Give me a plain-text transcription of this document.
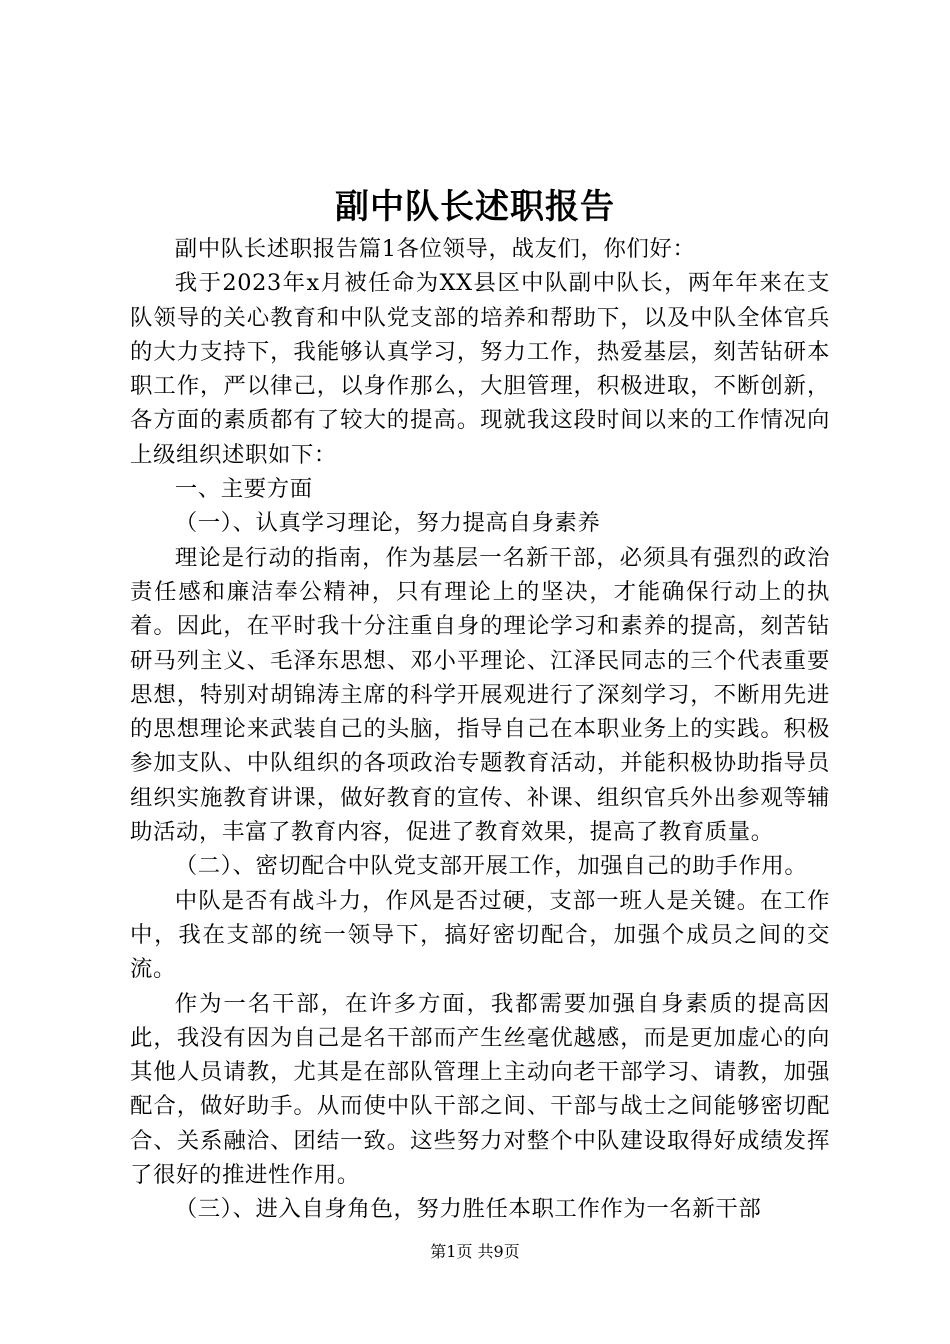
副中队长述职报告

副中队长述职报告篇1各位领导，战友们，你们好：

我于2023年x月被任命为XX县区中队副中队长，两年年来在支队领导的关心教育和中队党支部的培养和帮助下，以及中队全体官兵的大力支持下，我能够认真学习，努力工作，热爱基层，刻苦钻研本职工作，严以律己，以身作那么，大胆管理，积极进取，不断创新，各方面的素质都有了较大的提高。现就我这段时间以来的工作情况向上级组织述职如下：

一、主要方面

（一）、认真学习理论，努力提高自身素养

理论是行动的指南，作为基层一名新干部，必须具有强烈的政治责任感和廉洁奉公精神，只有理论上的坚决，才能确保行动上的执着。因此，在平时我十分注重自身的理论学习和素养的提高，刻苦钻研马列主义、毛泽东思想、邓小平理论、江泽民同志的三个代表重要思想，特别对胡锦涛主席的科学开展观进行了深刻学习，不断用先进的思想理论来武装自己的头脑，指导自己在本职业务上的实践。积极参加支队、中队组织的各项政治专题教育活动，并能积极协助指导员组织实施教育讲课，做好教育的宣传、补课、组织官兵外出参观等辅助活动，丰富了教育内容，促进了教育效果，提高了教育质量。

（二）、密切配合中队党支部开展工作，加强自己的助手作用。

中队是否有战斗力，作风是否过硬，支部一班人是关键。在工作中，我在支部的统一领导下，搞好密切配合，加强个成员之间的交流。

作为一名干部，在许多方面，我都需要加强自身素质的提高因此，我没有因为自己是名干部而产生丝毫优越感，而是更加虚心的向其他人员请教，尤其是在部队管理上主动向老干部学习、请教，加强配合，做好助手。从而使中队干部之间、干部与战士之间能够密切配合、关系融洽、团结一致。这些努力对整个中队建设取得好成绩发挥了很好的推进性作用。

（三）、进入自身角色，努力胜任本职工作作为一名新干部

第1页 共9页
